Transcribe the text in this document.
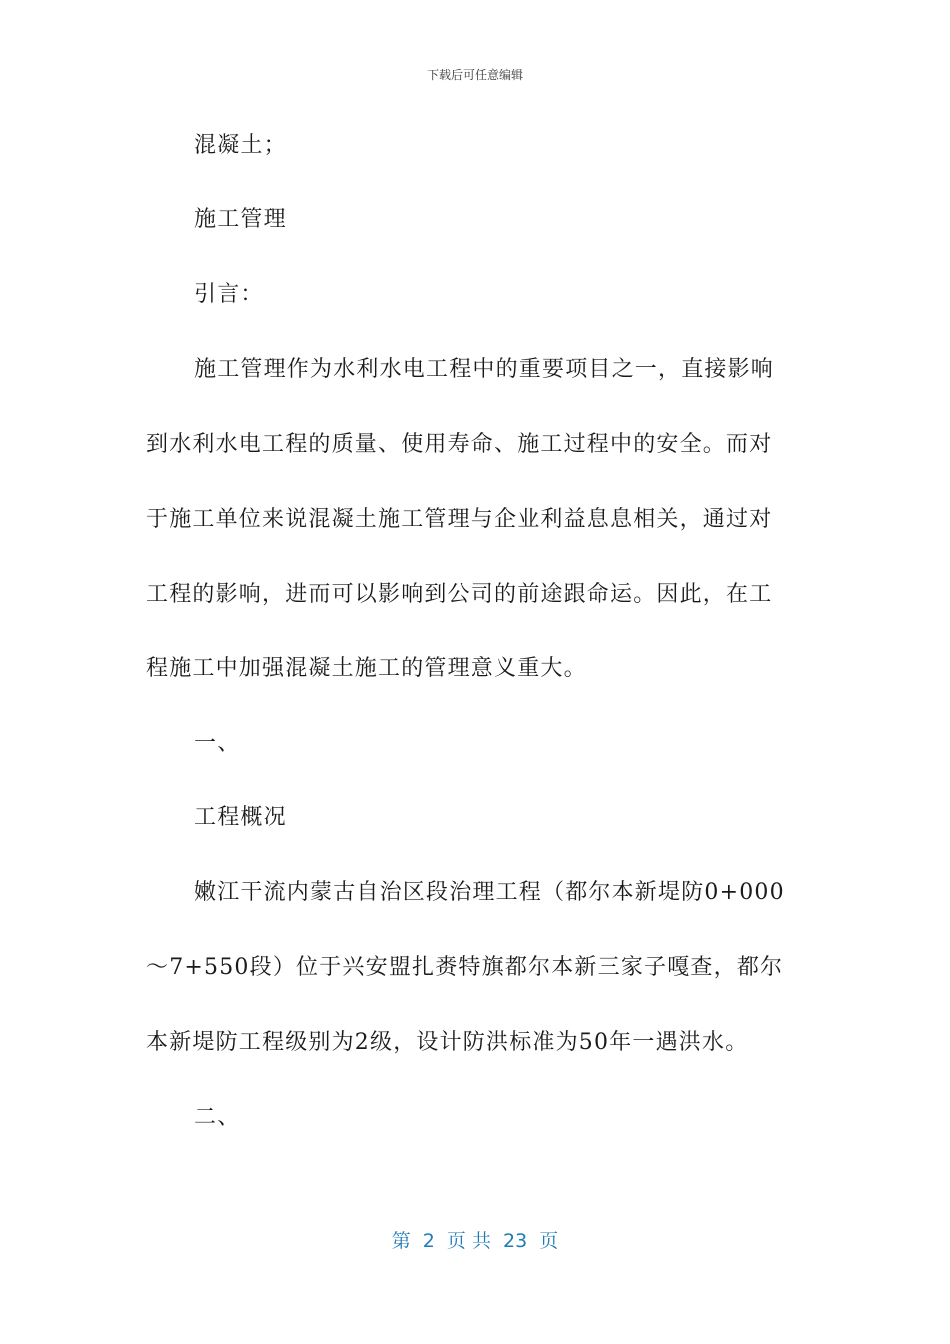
下载后可任意编辑
混凝土；
施工管理
引言：
施工管理作为水利水电工程中的重要项目之一，直接影响
到水利水电工程的质量、使用寿命、施工过程中的安全。而对
于施工单位来说混凝土施工管理与企业利益息息相关，通过对
工程的影响，进而可以影响到公司的前途跟命运。因此，在工
程施工中加强混凝土施工的管理意义重大。
一、
工程概况
嫩江干流内蒙古自治区段治理工程（都尔本新堤防0+000
～7+550段）位于兴安盟扎赉特旗都尔本新三家子嘎查，都尔
本新堤防工程级别为2级，设计防洪标准为50年一遇洪水。
二、
第  2  页 共  23  页
